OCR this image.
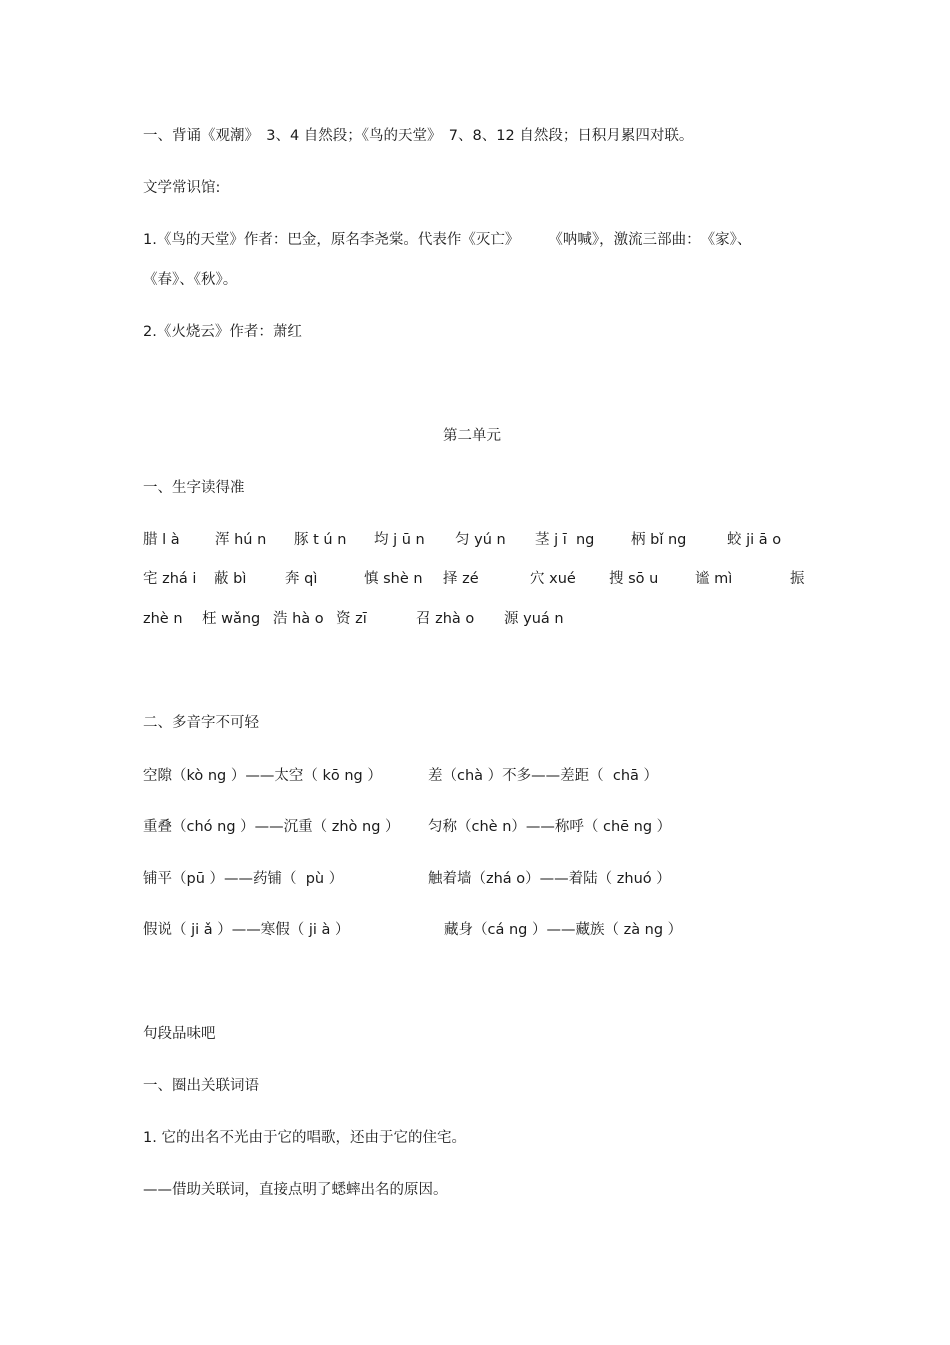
一、背诵《观潮》　3、4 自然段；《鸟的天堂》　7、8、12 自然段；日积月累四对联。
文学常识馆:
1.《鸟的天堂》作者：巴金，原名李尧棠。代表作《灭亡》　　　《呐喊》，激流三部曲：　《家》、
《春》、《秋》。
2.《火烧云》作者：萧红
第二单元
一、生字读得准
腊 l à 浑 hú n 豚 t ú n 均 j ū n 匀 yú n 茎 j ī  ng	柄 bǐ ng	蛟 ji ā o
宅 zhá i 蔽 bì	奔 qì	慎 shè n 择 zé	穴 xué 搜 sō u	谧 mì	振
zhè n 枉 wǎng 浩 hà o 资 zī	召 zhà o 源 yuá n
二、多音字不可轻
空隙（kò ng ）——太空（ kō ng ）	差（chà ）不多——差距（  chā ）
重叠（chó ng ）——沉重（ zhò ng ） 匀称（chè n）——称呼（ chē ng ）
铺平（pū ）——药铺（  pù ）	触着墙（zhá o）——着陆（ zhuó ）
假说（ ji ǎ ）——寒假（ ji à ）	藏身（cá ng ）——藏族（ zà ng ）
句段品味吧
一、圈出关联词语
1. 它的出名不光由于它的唱歌，还由于它的住宅。
——借助关联词，直接点明了蟋蟀出名的原因。
